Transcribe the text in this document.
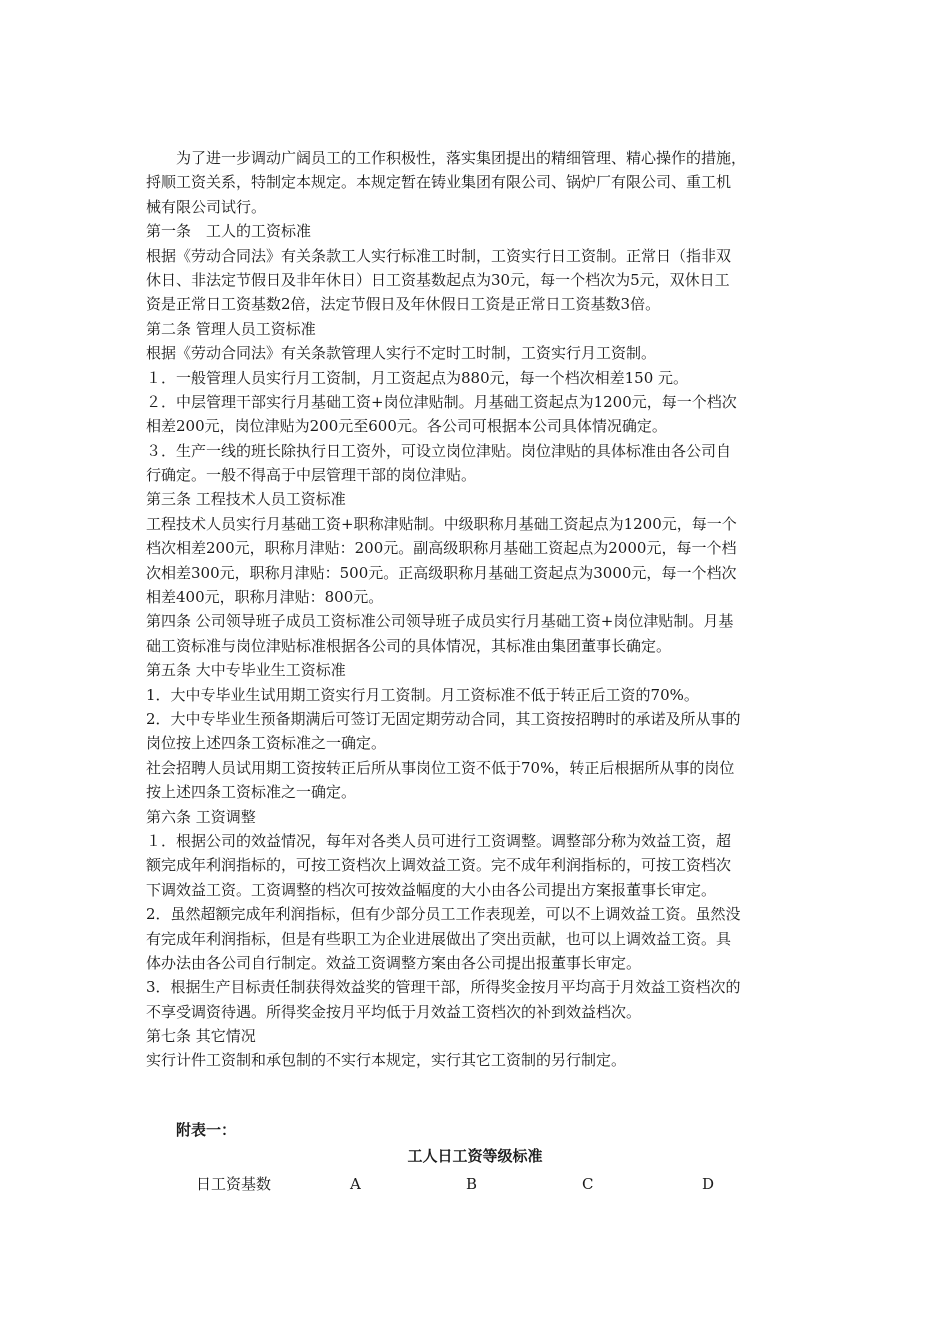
为了进一步调动广阔员工的工作积极性，落实集团提出的精细管理、精心操作的措施，
捋顺工资关系，特制定本规定。本规定暂在铸业集团有限公司、锅炉厂有限公司、重工机
械有限公司试行。
第一条　工人的工资标准
根据《劳动合同法》有关条款工人实行标准工时制，工资实行日工资制。正常日（指非双
休日、非法定节假日及非年休日）日工资基数起点为30元，每一个档次为5元，双休日工
资是正常日工资基数2倍，法定节假日及年休假日工资是正常日工资基数3倍。
第二条 管理人员工资标准
根据《劳动合同法》有关条款管理人实行不定时工时制，工资实行月工资制。
１．一般管理人员实行月工资制，月工资起点为880元，每一个档次相差150 元。
２．中层管理干部实行月基础工资+岗位津贴制。月基础工资起点为1200元，每一个档次
相差200元，岗位津贴为200元至600元。各公司可根据本公司具体情况确定。
３．生产一线的班长除执行日工资外，可设立岗位津贴。岗位津贴的具体标准由各公司自
行确定。一般不得高于中层管理干部的岗位津贴。
第三条 工程技术人员工资标准
工程技术人员实行月基础工资+职称津贴制。中级职称月基础工资起点为1200元，每一个
档次相差200元，职称月津贴：200元。副高级职称月基础工资起点为2000元，每一个档
次相差300元，职称月津贴：500元。正高级职称月基础工资起点为3000元，每一个档次
相差400元，职称月津贴：800元。
第四条 公司领导班子成员工资标准公司领导班子成员实行月基础工资+岗位津贴制。月基
础工资标准与岗位津贴标准根据各公司的具体情况，其标准由集团董事长确定。
第五条 大中专毕业生工资标准
1．大中专毕业生试用期工资实行月工资制。月工资标准不低于转正后工资的70%。
2．大中专毕业生预备期满后可签订无固定期劳动合同，其工资按招聘时的承诺及所从事的
岗位按上述四条工资标准之一确定。
社会招聘人员试用期工资按转正后所从事岗位工资不低于70%，转正后根据所从事的岗位
按上述四条工资标准之一确定。
第六条 工资调整
１．根据公司的效益情况，每年对各类人员可进行工资调整。调整部分称为效益工资，超
额完成年利润指标的，可按工资档次上调效益工资。完不成年利润指标的，可按工资档次
下调效益工资。工资调整的档次可按效益幅度的大小由各公司提出方案报董事长审定。
2．虽然超额完成年利润指标，但有少部分员工工作表现差，可以不上调效益工资。虽然没
有完成年利润指标，但是有些职工为企业进展做出了突出贡献，也可以上调效益工资。具
体办法由各公司自行制定。效益工资调整方案由各公司提出报董事长审定。
3．根据生产目标责任制获得效益奖的管理干部，所得奖金按月平均高于月效益工资档次的
不享受调资待遇。所得奖金按月平均低于月效益工资档次的补到效益档次。
第七条 其它情况
实行计件工资制和承包制的不实行本规定，实行其它工资制的另行制定。
附表一：
工人日工资等级标准
日工资基数	A	B	C	D
